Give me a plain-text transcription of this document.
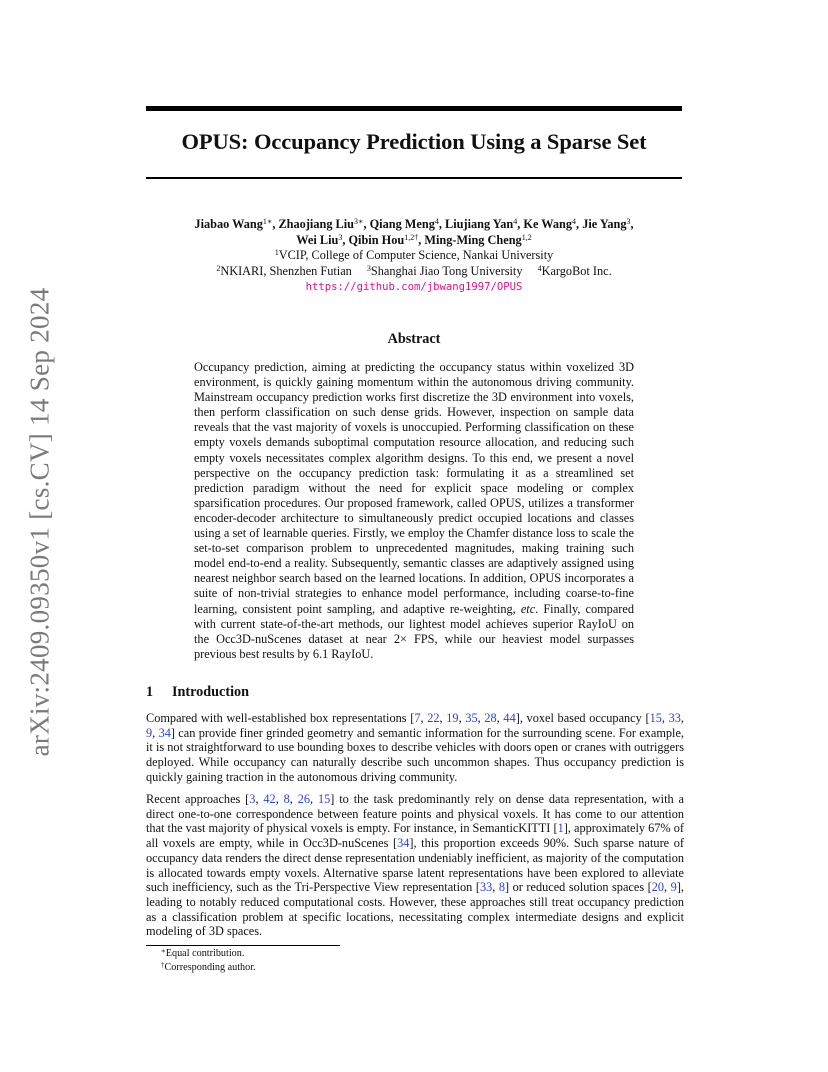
arXiv:2409.09350v1 [cs.CV] 14 Sep 2024
OPUS: Occupancy Prediction Using a Sparse Set
Jiabao Wang$^{1∗}$, Zhaojiang Liu$^{3∗}$, Qiang Meng$^4$, Liujiang Yan$^4$, Ke Wang$^4$, Jie Yang$^3$,
Wei Liu$^3$, Qibin Hou$^{1,2\dagger}$, Ming-Ming Cheng$^{1,2}$
$^1$VCIP, College of Computer Science, Nankai University
$^2$NKIARI, Shenzhen Futian $^3$Shanghai Jiao Tong University $^4$KargoBot Inc.
https://github.com/jbwang1997/OPUS
Abstract
Occupancy prediction, aiming at predicting the occupancy status within voxelized 3D environment, is quickly gaining momentum within the autonomous driving community. Mainstream occupancy prediction works first discretize the 3D environment into voxels, then perform classification on such dense grids. However, inspection on sample data reveals that the vast majority of voxels is unoccupied. Performing classification on these empty voxels demands suboptimal computation resource allocation, and reducing such empty voxels necessitates complex algorithm designs. To this end, we present a novel perspective on the occupancy prediction task: formulating it as a streamlined set prediction paradigm without the need for explicit space modeling or complex sparsification procedures. Our proposed framework, called OPUS, utilizes a transformer encoder-decoder architecture to simultaneously predict occupied locations and classes using a set of learnable queries. Firstly, we employ the Chamfer distance loss to scale the set-to-set comparison problem to unprecedented magnitudes, making training such model end-to-end a reality. Subsequently, semantic classes are adaptively assigned using nearest neighbor search based on the learned locations. In addition, OPUS incorporates a suite of non-trivial strategies to enhance model performance, including coarse-to-fine learning, consistent point sampling, and adaptive re-weighting, etc. Finally, compared with current state-of-the-art methods, our lightest model achieves superior RayIoU on the Occ3D-nuScenes dataset at near 2× FPS, while our heaviest model surpasses previous best results by 6.1 RayIoU.
1 Introduction
Compared with well-established box representations [7, 22, 19, 35, 28, 44], voxel based occupancy [15, 33, 9, 34] can provide finer grinded geometry and semantic information for the surrounding scene. For example, it is not straightforward to use bounding boxes to describe vehicles with doors open or cranes with outriggers deployed. While occupancy can naturally describe such uncommon shapes. Thus occupancy prediction is quickly gaining traction in the autonomous driving community.
Recent approaches [3, 42, 8, 26, 15] to the task predominantly rely on dense data representation, with a direct one-to-one correspondence between feature points and physical voxels. It has come to our attention that the vast majority of physical voxels is empty. For instance, in SemanticKITTI [1], approximately 67% of all voxels are empty, while in Occ3D-nuScenes [34], this proportion exceeds 90%. Such sparse nature of occupancy data renders the direct dense representation undeniably inefficient, as majority of the computation is allocated towards empty voxels. Alternative sparse latent representations have been explored to alleviate such inefficiency, such as the Tri-Perspective View representation [33, 8] or reduced solution spaces [20, 9], leading to notably reduced computational costs. However, these approaches still treat occupancy prediction as a classification problem at specific locations, necessitating complex intermediate designs and explicit modeling of 3D spaces.
∗Equal contribution.
†Corresponding author.
